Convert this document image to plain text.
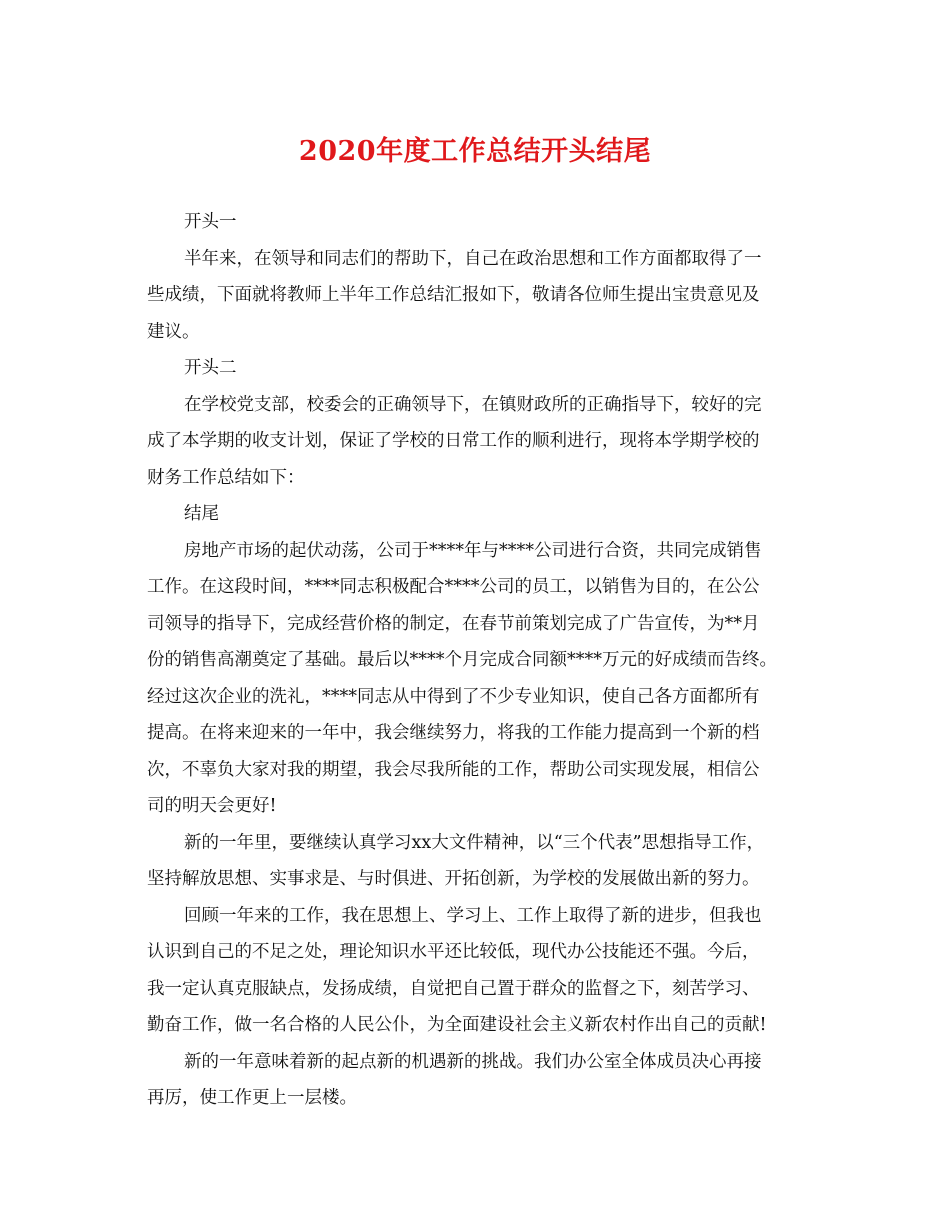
2020年度工作总结开头结尾

开头一

半年来，在领导和同志们的帮助下，自己在政治思想和工作方面都取得了一
些成绩，下面就将教师上半年工作总结汇报如下，敬请各位师生提出宝贵意见及
建议。

开头二

在学校党支部，校委会的正确领导下，在镇财政所的正确指导下，较好的完
成了本学期的收支计划，保证了学校的日常工作的顺利进行，现将本学期学校的
财务工作总结如下：

结尾

房地产市场的起伏动荡，公司于****年与****公司进行合资，共同完成销售
工作。在这段时间，****同志积极配合****公司的员工，以销售为目的，在公公
司领导的指导下，完成经营价格的制定，在春节前策划完成了广告宣传，为**月
份的销售高潮奠定了基础。最后以****个月完成合同额****万元的好成绩而告终。
经过这次企业的洗礼，****同志从中得到了不少专业知识，使自己各方面都所有
提高。在将来迎来的一年中，我会继续努力，将我的工作能力提高到一个新的档
次，不辜负大家对我的期望，我会尽我所能的工作，帮助公司实现发展，相信公
司的明天会更好!

新的一年里，要继续认真学习xx大文件精神，以“三个代表”思想指导工作，
坚持解放思想、实事求是、与时俱进、开拓创新，为学校的发展做出新的努力。

回顾一年来的工作，我在思想上、学习上、工作上取得了新的进步，但我也
认识到自己的不足之处，理论知识水平还比较低，现代办公技能还不强。今后，
我一定认真克服缺点，发扬成绩，自觉把自己置于群众的监督之下，刻苦学习、
勤奋工作，做一名合格的人民公仆，为全面建设社会主义新农村作出自己的贡献!

新的一年意味着新的起点新的机遇新的挑战。我们办公室全体成员决心再接
再厉，使工作更上一层楼。
